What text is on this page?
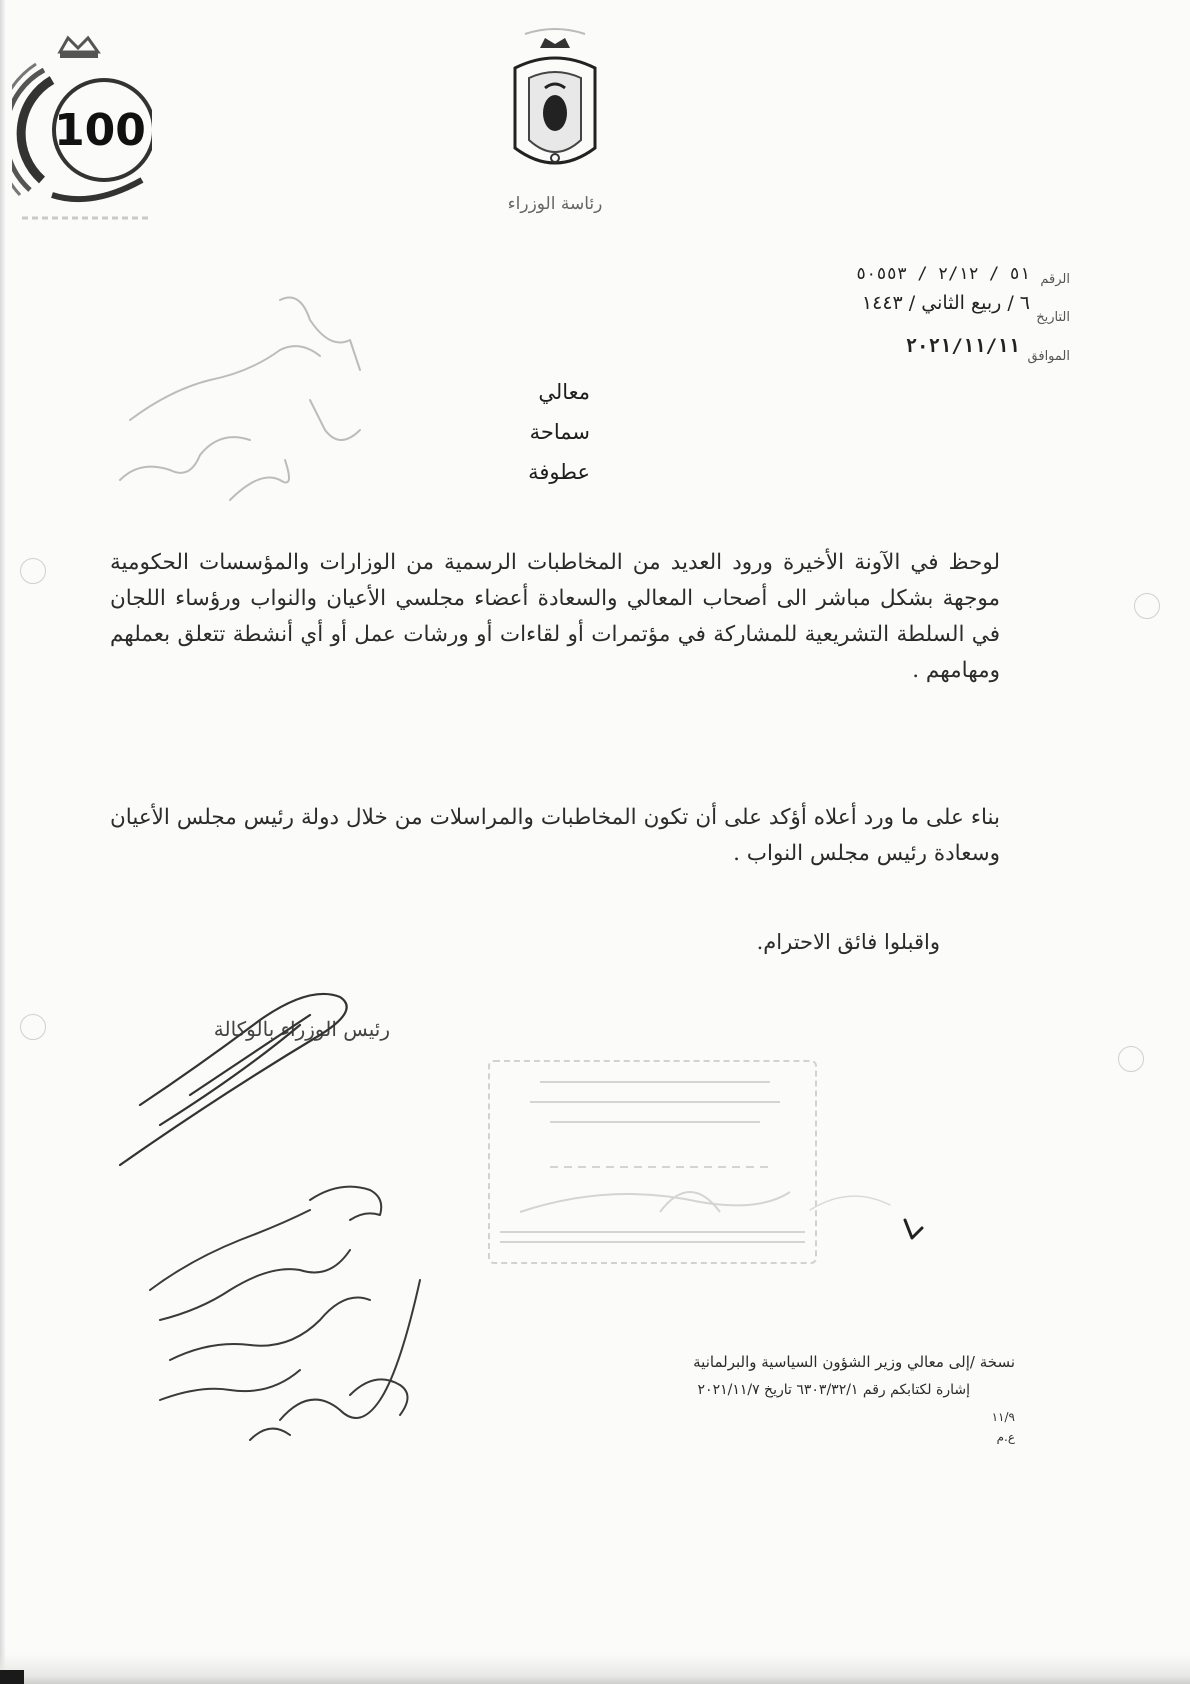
100
رئاسة الوزراء
الرقم
٥١ / ٢/١٢ / ٥٠٥٥٣
التاريخ
٦ / ربيع الثاني / ١٤٤٣
الموافق
٢٠٢١/١١/١١
معالي
سماحة
عطوفة
لوحظ في الآونة الأخيرة ورود العديد من المخاطبات الرسمية من الوزارات والمؤسسات الحكومية موجهة بشكل مباشر الى أصحاب المعالي والسعادة أعضاء مجلسي الأعيان والنواب ورؤساء اللجان في السلطة التشريعية للمشاركة في مؤتمرات أو لقاءات أو ورشات عمل أو أي أنشطة تتعلق بعملهم ومهامهم .
بناء على ما ورد أعلاه أؤكد على أن تكون المخاطبات والمراسلات من خلال دولة رئيس مجلس الأعيان وسعادة رئيس مجلس النواب .
واقبلوا فائق الاحترام.
رئيس الوزراء بالوكالة
نسخة /إلى معالي وزير الشؤون السياسية والبرلمانية
إشارة لكتابكم رقم ٦٣٠٣/٣٢/١ تاريخ ٢٠٢١/١١/٧
١١/٩
ع.م
